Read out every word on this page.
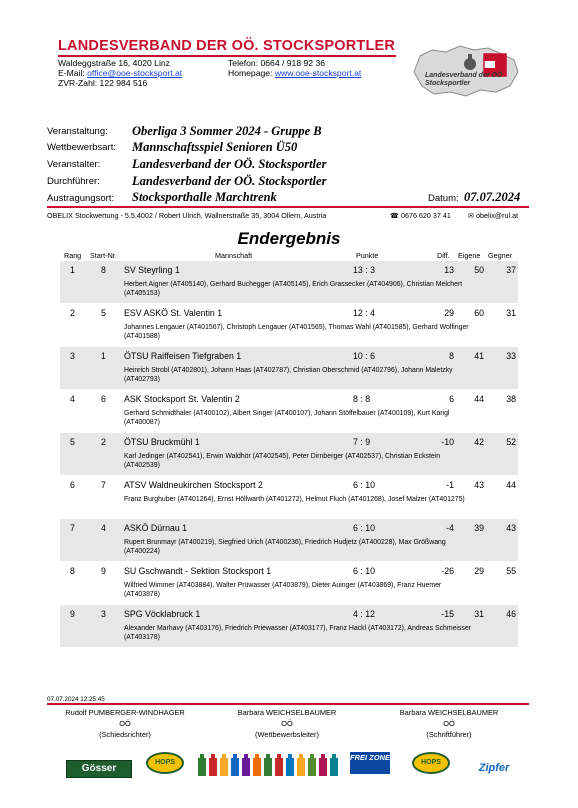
LANDESVERBAND DER OÖ. STOCKSPORTLER
Waldeggstraße 16, 4020 Linz	Telefon: 0664 / 918 92 36
E-Mail: office@ooe-stocksport.at	Homepage: www.ooe-stocksport.at
ZVR-Zahl: 122 984 516
Landesverband der OÖ Stocksportler
Veranstaltung: Oberliga 3 Sommer 2024 - Gruppe B
Wettbewerbsart: Mannschaftsspiel Senioren Ü50
Veranstalter:	Landesverband der OÖ. Stocksportler
Durchführer:	Landesverband der OÖ. Stocksportler
Austragungsort: Stocksporthalle Marchtrenk	Datum: 07.07.2024
OBELIX Stockwertung - 5.5.4002 / Robert Ulrich, Wallnerstraße 35, 3004 Ollern, Austria	☎ 0676 620 37 41 ✉ obelix@rul.at
Endergebnis
Rang Start-Nr.	Mannschaft	Punkte	Diff. Eigene Gegner
1	8 SV Steyrling 1	13 : 3	13	50	37
Herbert Aigner (AT405140), Gerhard Buchegger (AT405145), Erich Grassecker (AT404906), Christian Melchert (AT405153)
2	5 ESV ASKÖ St. Valentin 1	12 : 4	29	60	31
Johannes Lengauer (AT401567), Christoph Lengauer (AT401565), Thomas Wahl (AT401585), Gerhard Wolfinger (AT401588)
3	1 ÖTSU Raiffeisen Tiefgraben 1	10 : 6	8	41	33
Heinrich Strobl (AT402801), Johann Haas (AT402787), Christian Oberschmid (AT402796), Johann Maletzky (AT402793)
4	6 ASK Stocksport St. Valentin 2	8 : 8	6	44	38
Gerhard Schmidthaler (AT400102), Albert Singer (AT400107), Johann Stöffelbauer (AT400109), Kurt Karigl (AT400087)
5	2 ÖTSU Bruckmühl 1	7 : 9	-10	42	52
Karl Jedinger (AT402541), Erwin Waldhör (AT402545), Peter Dirnberger (AT402537), Christian Eckstein (AT402539)
6	7 ATSV Waldneukirchen Stocksport 2	6 : 10	-1	43	44
Franz Burghuber (AT401264), Ernst Höllwarth (AT401272), Helmut Fluch (AT401268), Josef Malzer (AT401275)
7	4 ASKÖ Dürnau 1	6 : 10	-4	39	43
Rupert Brunmayr (AT400219), Siegfried Urich (AT400236), Friedrich Hudjetz (AT400228), Max Größwang (AT400224)
8	9 SU Gschwandt - Sektion Stocksport 1	6 : 10	-26	29	55
Wilfried Wimmer (AT403884), Walter Prüwasser (AT403879), Dieter Auinger (AT403869), Franz Huemer (AT403878)
9	3 SPG Vöcklabruck 1	4 : 12	-15	31	46
Alexander Marhavy (AT403176), Friedrich Priewasser (AT403177), Franz Hackl (AT403172), Andreas Schmeisser (AT403178)
07.07.2024 12:25:45
Rudolf PUMBERGER-WINDHAGER
OÖ
(Schiedsrichter)
Barbara WEICHSELBAUMER
OÖ
(Wettbewerbsleiter)
Barbara WEICHSELBAUMER
OÖ
(Schriftführer)
Gösser
HOPS
FREI ZONE
HOPS	Zipfer
